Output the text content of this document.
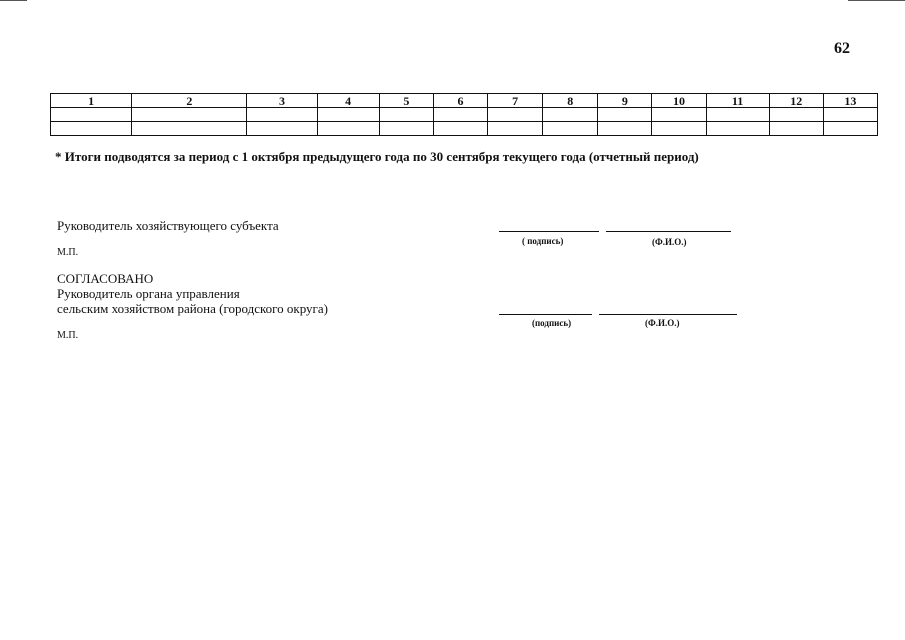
62
1	2	3	4	5	6	7	8	9	10	11	12	13

* Итоги подводятся за период с 1 октября предыдущего года по 30 сентября текущего года (отчетный период)
Руководитель хозяйствующего субъекта
( подпись)	(Ф.И.О.)
М.П.
СОГЛАСОВАНО
Руководитель органа управления
сельским хозяйством района (городского округа)
(подпись)	(Ф.И.О.)
М.П.
